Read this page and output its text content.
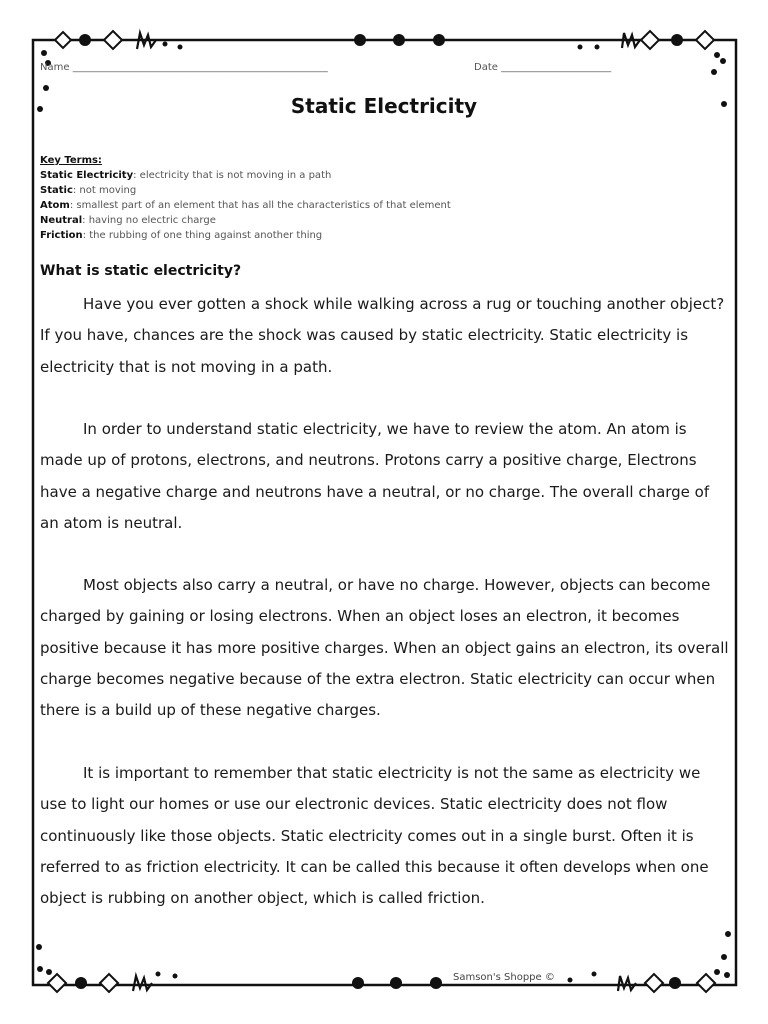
Name ___________________________________________________	Date ______________________
Static Electricity
Key Terms:
Static Electricity: electricity that is not moving in a path
Static: not moving
Atom: smallest part of an element that has all the characteristics of that element
Neutral: having no electric charge
Friction: the rubbing of one thing against another thing
What is static electricity?

Have you ever gotten a shock while walking across a rug or touching another object? If you have, chances are the shock was caused by static electricity. Static electricity is electricity that is not moving in a path.

In order to understand static electricity, we have to review the atom. An atom is made up of protons, electrons, and neutrons. Protons carry a positive charge, Electrons have a negative charge and neutrons have a neutral, or no charge. The overall charge of an atom is neutral.

Most objects also carry a neutral, or have no charge. However, objects can become charged by gaining or losing electrons. When an object loses an electron, it becomes positive because it has more positive charges. When an object gains an electron, its overall charge becomes negative because of the extra electron. Static electricity can occur when there is a build up of these negative charges.

It is important to remember that static electricity is not the same as electricity we use to light our homes or use our electronic devices. Static electricity does not flow continuously like those objects. Static electricity comes out in a single burst. Often it is referred to as friction electricity. It can be called this because it often develops when one object is rubbing on another object, which is called friction.

Samson's Shoppe ©
